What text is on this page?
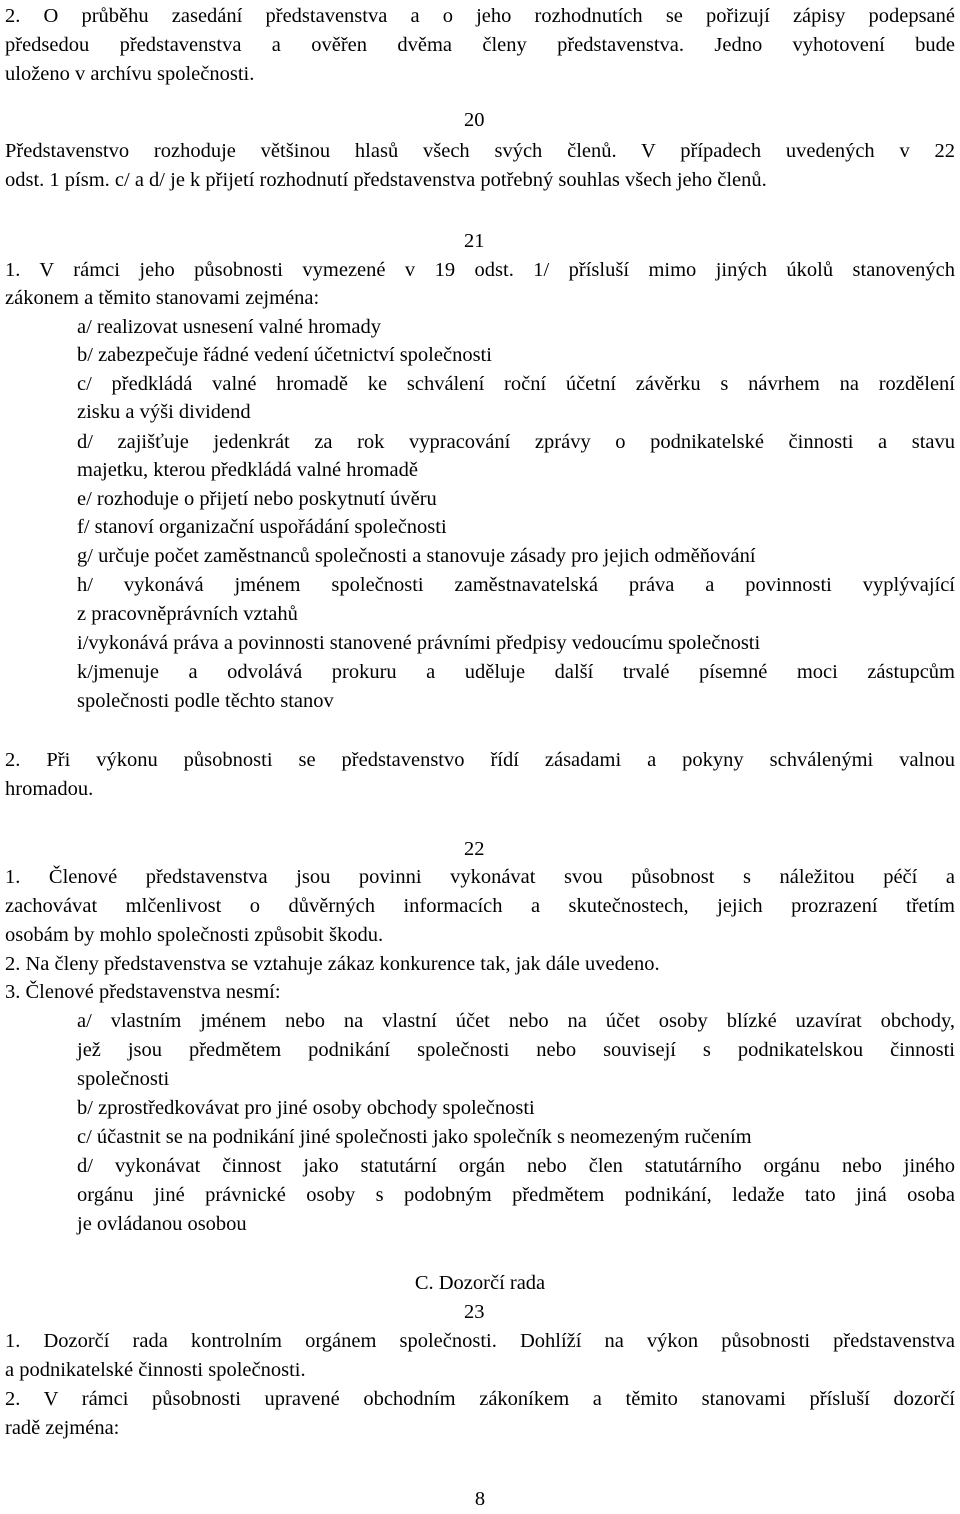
2. O průběhu zasedání představenstva a o jeho rozhodnutích se pořizují zápisy podepsané
předsedou představenstva a ověřen dvěma členy představenstva. Jedno vyhotovení bude
uloženo v archívu společnosti.
20
Představenstvo rozhoduje většinou hlasů všech svých členů. V případech uvedených v 22
odst. 1 písm. c/ a d/ je k přijetí rozhodnutí představenstva potřebný souhlas všech jeho členů.
21
1. V rámci jeho působnosti vymezené v 19 odst. 1/ přísluší mimo jiných úkolů stanovených
zákonem a těmito stanovami zejména:
a/ realizovat usnesení valné hromady
b/ zabezpečuje řádné vedení účetnictví společnosti
c/ předkládá valné hromadě ke schválení roční účetní závěrku s návrhem na rozdělení
zisku a výši dividend
d/ zajišťuje jedenkrát za rok vypracování zprávy o podnikatelské činnosti a stavu
majetku, kterou předkládá valné hromadě
e/ rozhoduje o přijetí nebo poskytnutí úvěru
f/ stanoví organizační uspořádání společnosti
g/ určuje počet zaměstnanců společnosti a stanovuje zásady pro jejich odměňování
h/ vykonává jménem společnosti zaměstnavatelská práva a povinnosti vyplývající
z pracovněprávních vztahů
i/vykonává práva a povinnosti stanovené právními předpisy vedoucímu společnosti
k/jmenuje a odvolává prokuru a uděluje další trvalé písemné moci zástupcům
společnosti podle těchto stanov
2. Při výkonu působnosti se představenstvo řídí zásadami a pokyny schválenými valnou
hromadou.
22
1. Členové představenstva jsou povinni vykonávat svou působnost s náležitou péčí a
zachovávat mlčenlivost o důvěrných informacích a skutečnostech, jejich prozrazení třetím
osobám by mohlo společnosti způsobit škodu.
2. Na členy představenstva se vztahuje zákaz konkurence tak, jak dále uvedeno.
3. Členové představenstva nesmí:
a/ vlastním jménem nebo na vlastní účet nebo na účet osoby blízké uzavírat obchody,
jež jsou předmětem podnikání společnosti nebo souvisejí s podnikatelskou činnosti
společnosti
b/ zprostředkovávat pro jiné osoby obchody společnosti
c/ účastnit se na podnikání jiné společnosti jako společník s neomezeným ručením
d/ vykonávat činnost jako statutární orgán nebo člen statutárního orgánu nebo jiného
orgánu jiné právnické osoby s podobným předmětem podnikání, ledaže tato jiná osoba
je ovládanou osobou
C. Dozorčí rada
23
1. Dozorčí rada kontrolním orgánem společnosti. Dohlíží na výkon působnosti představenstva
a podnikatelské činnosti společnosti.
2. V rámci působnosti upravené obchodním zákoníkem a těmito stanovami přísluší dozorčí
radě zejména:
8
